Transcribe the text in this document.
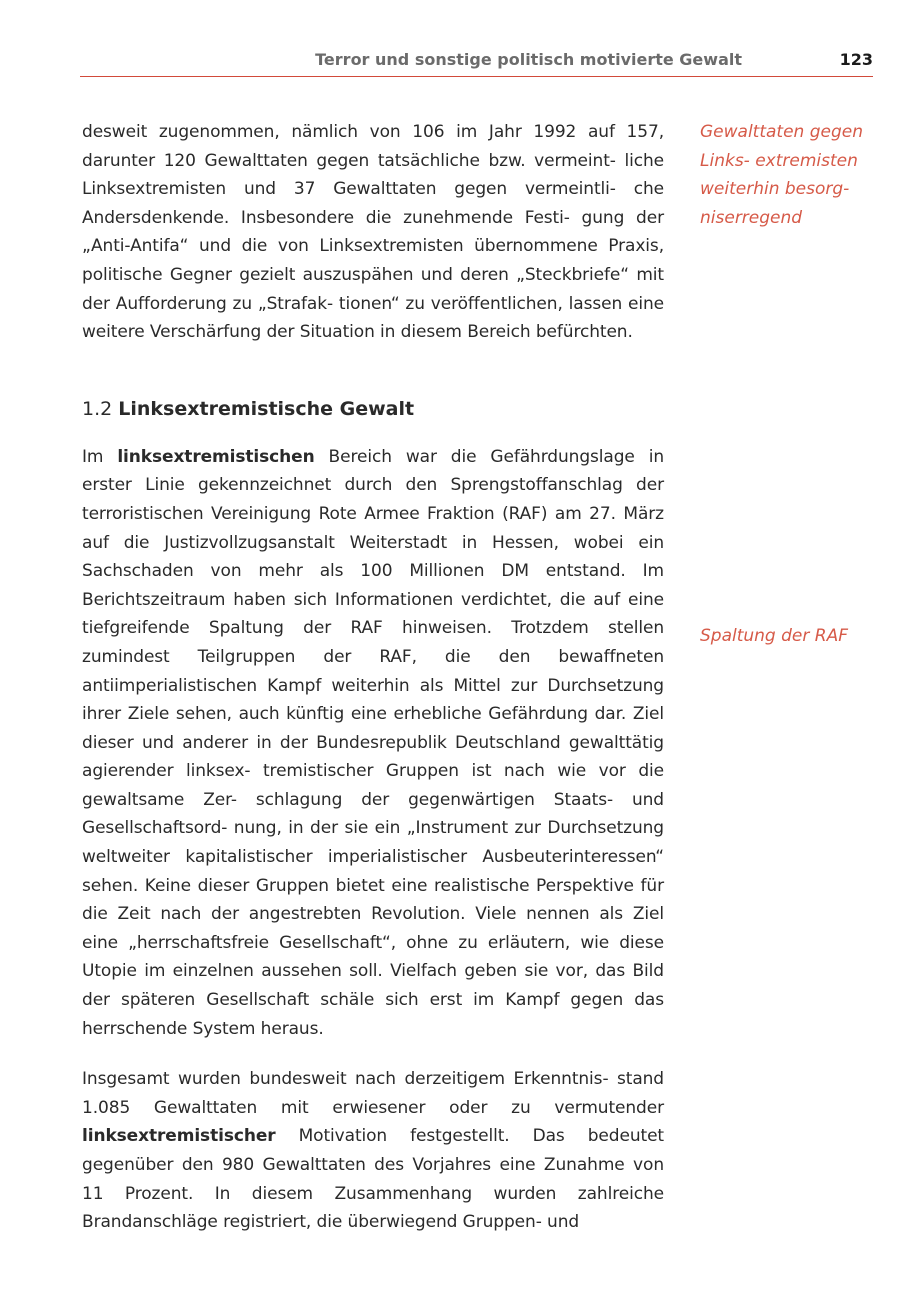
Terror und sonstige politisch motivierte Gewalt	123

desweit zugenommen, nämlich von 106 im Jahr 1992 auf 157, darunter 120 Gewalttaten gegen tatsächliche bzw. vermeint- liche Linksextremisten und 37 Gewalttaten gegen vermeintli- che Andersdenkende. Insbesondere die zunehmende Festi- gung der „Anti-Antifa“ und die von Linksextremisten übernommene Praxis, politische Gegner gezielt auszuspähen und deren „Steckbriefe“ mit der Aufforderung zu „Strafak- tionen“ zu veröffentlichen, lassen eine weitere Verschärfung der Situation in diesem Bereich befürchten.

1.2 Linksextremistische Gewalt

Im linksextremistischen Bereich war die Gefährdungslage in erster Linie gekennzeichnet durch den Sprengstoffanschlag der terroristischen Vereinigung Rote Armee Fraktion (RAF) am 27. März auf die Justizvollzugsanstalt Weiterstadt in Hessen, wobei ein Sachschaden von mehr als 100 Millionen DM entstand. Im Berichtszeitraum haben sich Informationen verdichtet, die auf eine tiefgreifende Spaltung der RAF hinweisen. Trotzdem stellen zumindest Teilgruppen der RAF, die den bewaffneten antiimperialistischen Kampf weiterhin als Mittel zur Durchsetzung ihrer Ziele sehen, auch künftig eine erhebliche Gefährdung dar. Ziel dieser und anderer in der Bundesrepublik Deutschland gewalttätig agierender linksex- tremistischer Gruppen ist nach wie vor die gewaltsame Zer- schlagung der gegenwärtigen Staats- und Gesellschaftsord- nung, in der sie ein „Instrument zur Durchsetzung weltweiter kapitalistischer imperialistischer Ausbeuterinteressen“ sehen. Keine dieser Gruppen bietet eine realistische Perspektive für die Zeit nach der angestrebten Revolution. Viele nennen als Ziel eine „herrschaftsfreie Gesellschaft“, ohne zu erläutern, wie diese Utopie im einzelnen aussehen soll. Vielfach geben sie vor, das Bild der späteren Gesellschaft schäle sich erst im Kampf gegen das herrschende System heraus.

Insgesamt wurden bundesweit nach derzeitigem Erkenntnis- stand 1.085 Gewalttaten mit erwiesener oder zu vermutender linksextremistischer Motivation festgestellt. Das bedeutet gegenüber den 980 Gewalttaten des Vorjahres eine Zunahme von 11 Prozent. In diesem Zusammenhang wurden zahlreiche Brandanschläge registriert, die überwiegend Gruppen- und

Gewalttaten gegen Links- extremisten weiterhin besorg- niserregend
Spaltung der RAF
